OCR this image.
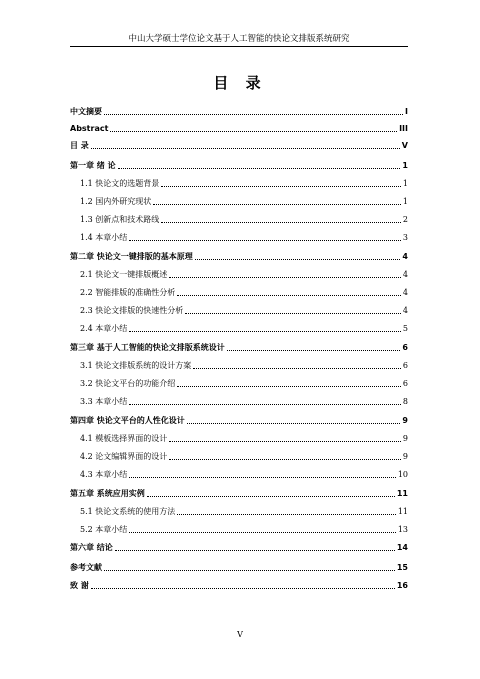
中山大学硕士学位论文基于人工智能的快论文排版系统研究
目 录
中文摘要	I
Abstract	III
目 录	V
第一章 绪 论	1
1.1 快论文的选题背景	1
1.2 国内外研究现状	1
1.3 创新点和技术路线	2
1.4 本章小结	3
第二章 快论文一键排版的基本原理	4
2.1 快论文一键排版概述	4
2.2 智能排版的准确性分析	4
2.3 快论文排版的快速性分析	4
2.4 本章小结	5
第三章 基于人工智能的快论文排版系统设计	6
3.1 快论文排版系统的设计方案	6
3.2 快论文平台的功能介绍	6
3.3 本章小结	8
第四章 快论文平台的人性化设计	9
4.1 模板选择界面的设计	9
4.2 论文编辑界面的设计	9
4.3 本章小结	10
第五章 系统应用实例	11
5.1 快论文系统的使用方法	11
5.2 本章小结	13
第六章 结论	14
参考文献	15
致 谢	16
V
